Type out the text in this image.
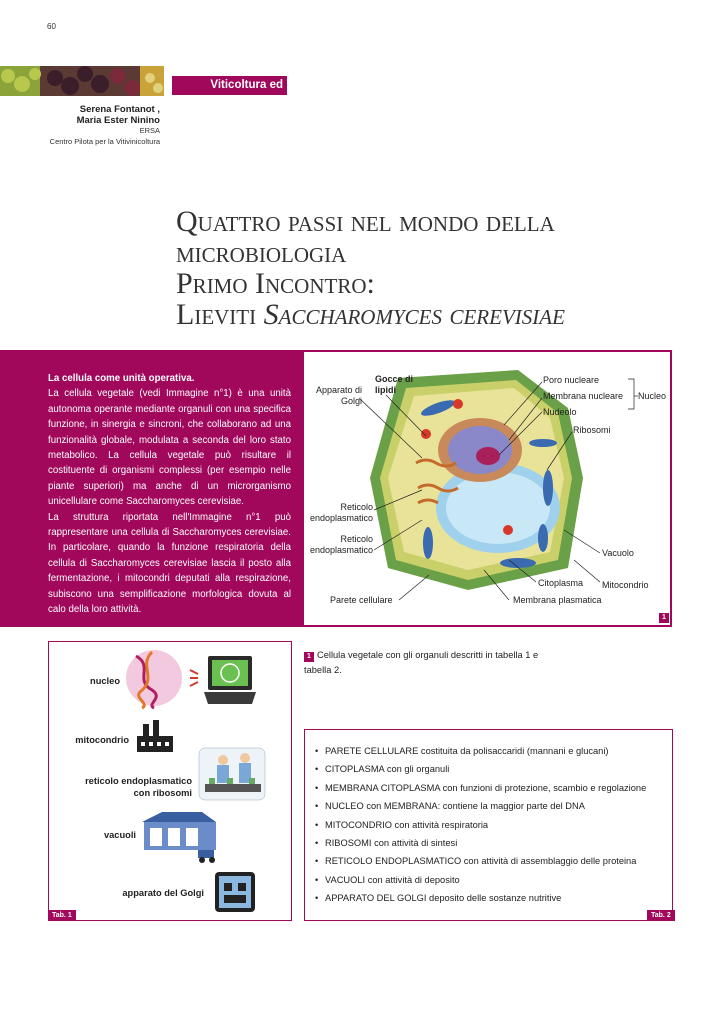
60
Viticoltura ed enologia
Serena Fontanot ,
Maria Ester Ninino
ERSA
Centro Pilota per la Vitivinicoltura
Quattro passi nel mondo della
microbiologia
Primo Incontro:
Lieviti Saccharomyces cerevisiae
La cellula come unità operativa.
La cellula vegetale (vedi Immagine n°1) è una unità autonoma operante mediante organuli con una specifica funzione, in sinergia e sincroni, che collaborano ad una funzionalità globale, modulata a seconda del loro stato metabolico. La cellula vegetale può risultare il costituente di organismi complessi (per esempio nelle piante superiori) ma anche di un microrganismo unicellulare come Saccharomyces cerevisiae.
La struttura riportata nell'Immagine n°1 può rappresentare una cellula di Saccharomyces cerevisiae. In particolare, quando la funzione respiratoria della cellula di Saccharomyces cerevisiae lascia il posto alla fermentazione, i mitocondri deputati alla respirazione, subiscono una semplificazione morfologica dovuta al calo della loro attività.
Apparato di Golgi
Gocce di lipidi
Poro nucleare
Membrana nucleare Nucleo
Nudeolo
Ribosomi
Reticolo endoplasmatico
Reticolo endoplasmatico	Vacuolo
Citoplasma Mitocondrio
Parete cellulare	Membrana plasmatica
1
1 Cellula vegetale con gli organuli descritti in tabella 1 e tabella 2.
nucleo
mitocondrio
reticolo endoplasmatico
con ribosomi
vacuoli
apparato del Golgi
Tab. 1
• PARETE CELLULARE costituita da polisaccaridi (mannani e glucani)
• CITOPLASMA con gli organuli
• MEMBRANA CITOPLASMA con funzioni di protezione, scambio e regolazione
• NUCLEO con MEMBRANA: contiene la maggior parte del DNA
• MITOCONDRIO con attività respiratoria
• RIBOSOMI con attività di sintesi
• RETICOLO ENDOPLASMATICO con attività di assemblaggio delle proteina
• VACUOLI con attività di deposito
• APPARATO DEL GOLGI deposito delle sostanze nutritive
Tab. 2
